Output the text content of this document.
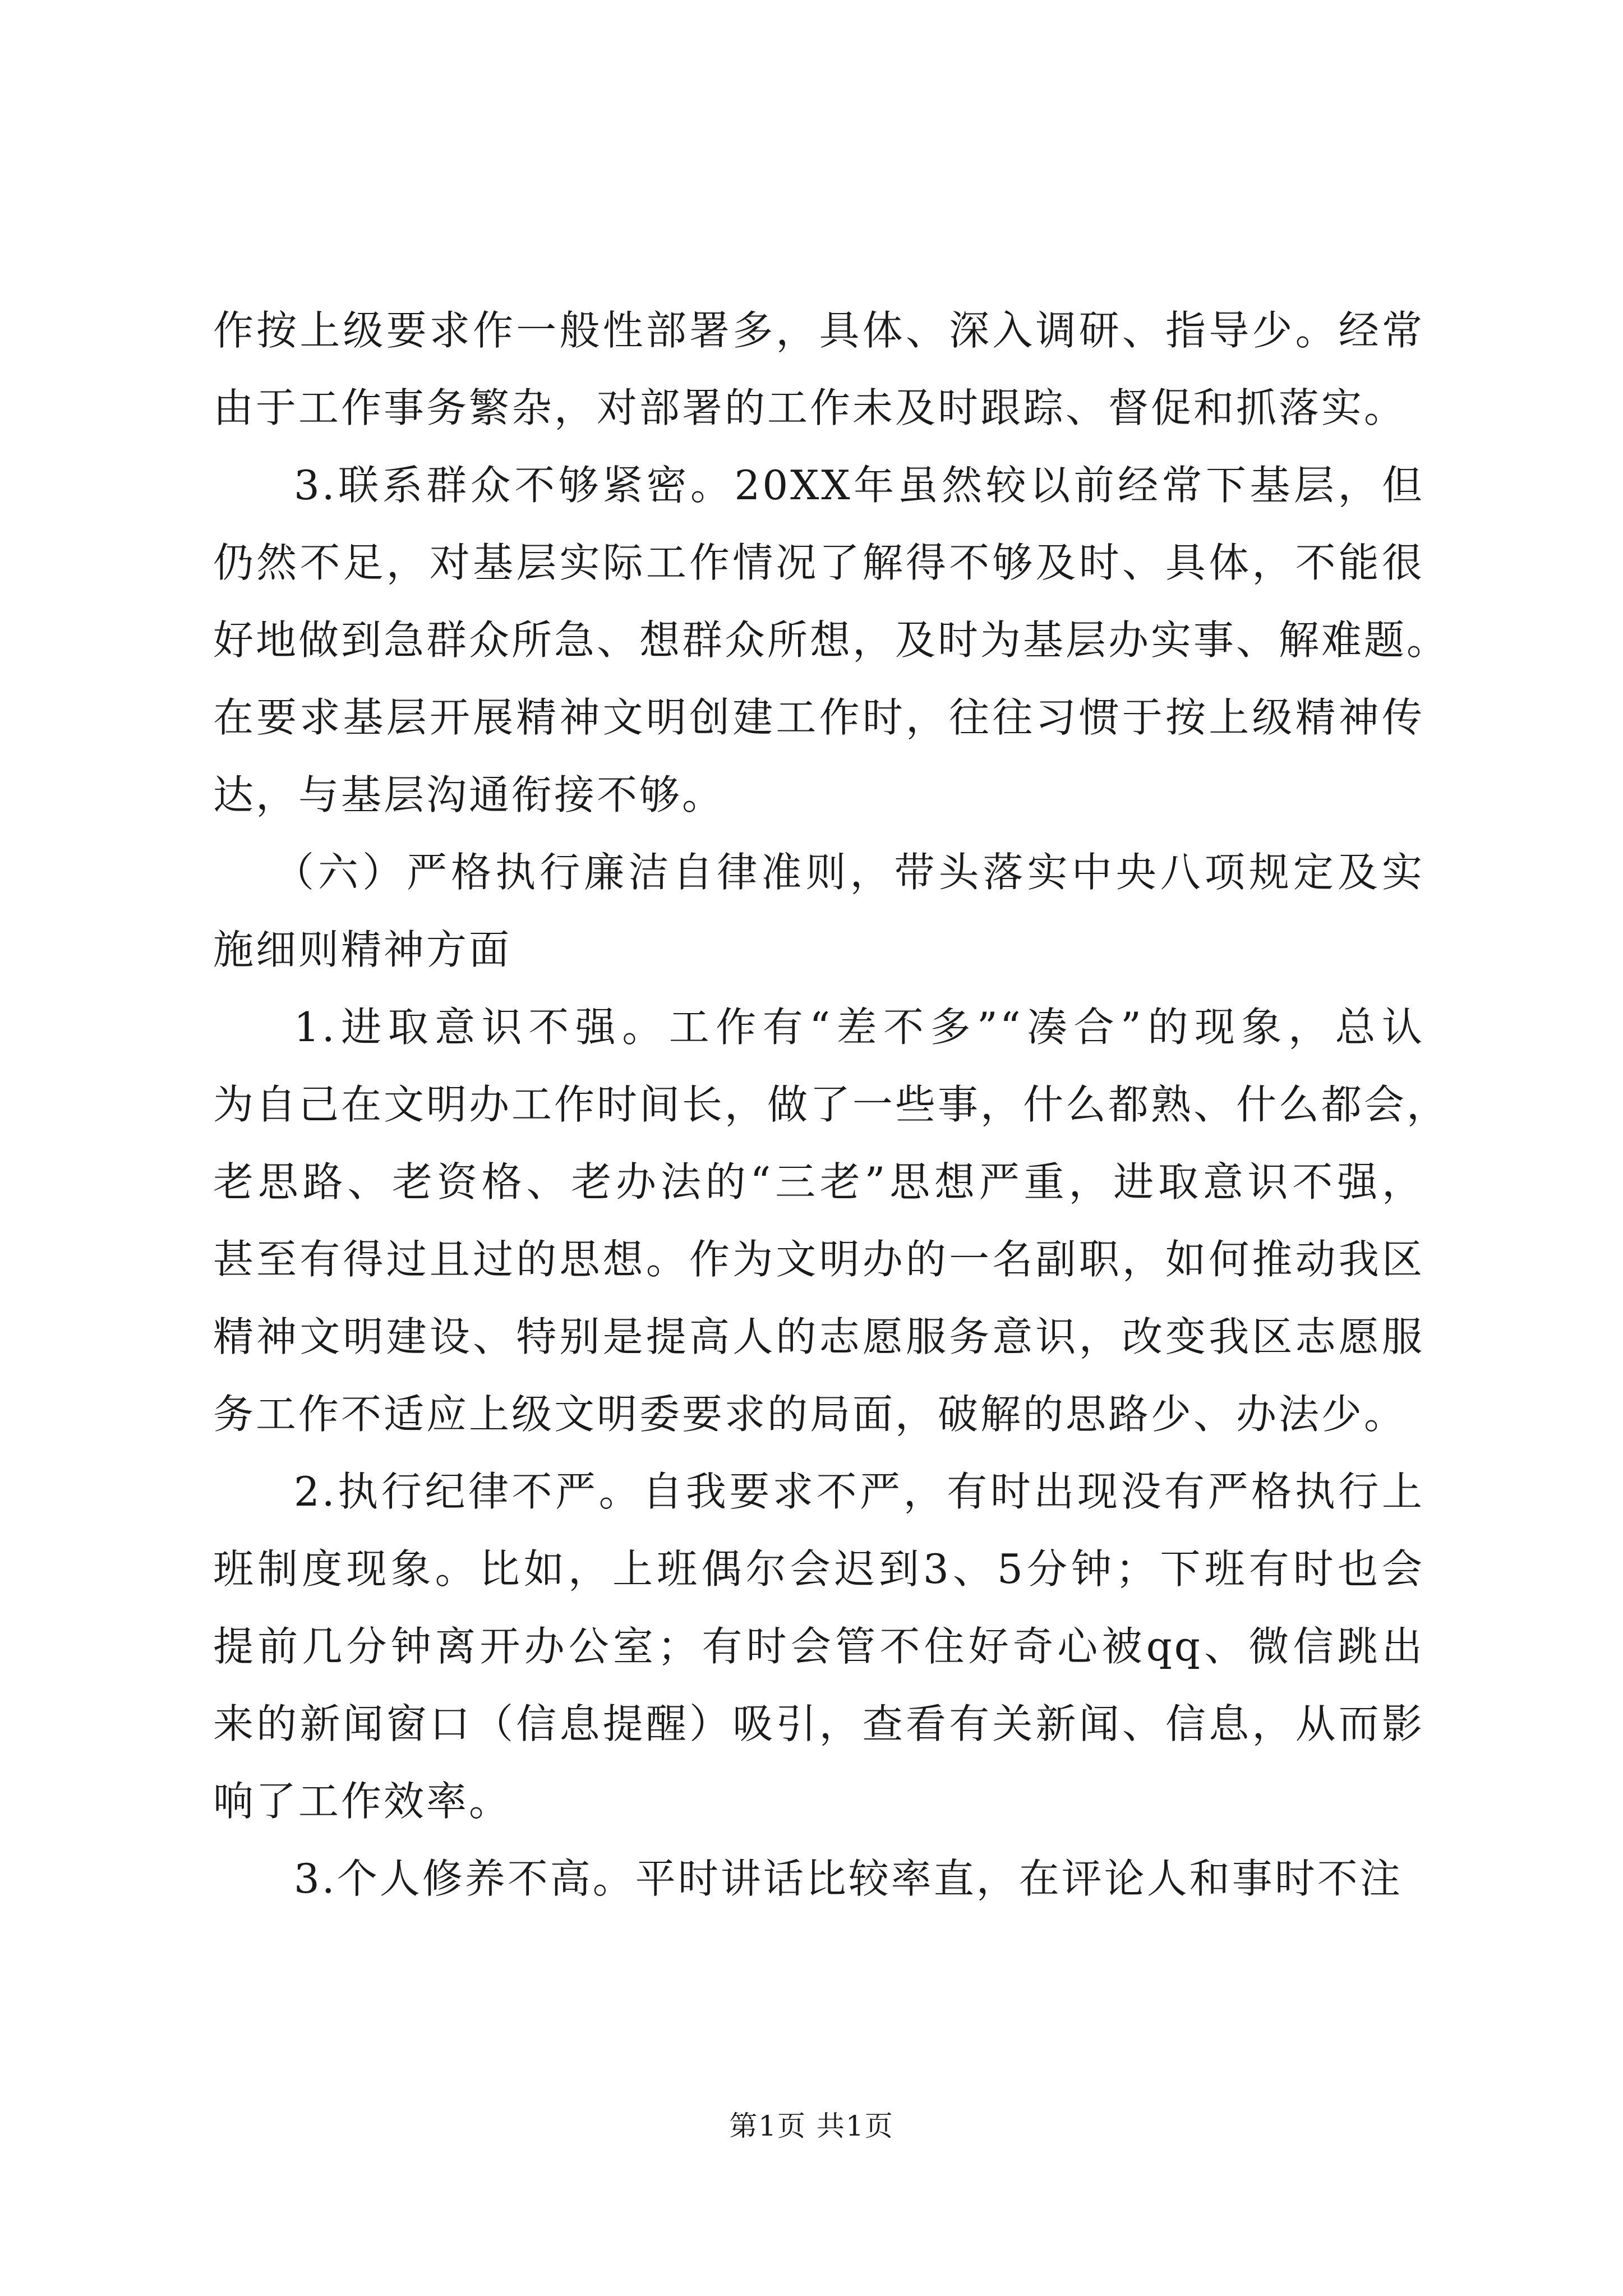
作按上级要求作一般性部署多，具体、深入调研、指导少。经常
由于工作事务繁杂，对部署的工作未及时跟踪、督促和抓落实。
3.联系群众不够紧密。20XX年虽然较以前经常下基层，但
仍然不足，对基层实际工作情况了解得不够及时、具体，不能很
好地做到急群众所急、想群众所想，及时为基层办实事、解难题。
在要求基层开展精神文明创建工作时，往往习惯于按上级精神传
达，与基层沟通衔接不够。
（六）严格执行廉洁自律准则，带头落实中央八项规定及实
施细则精神方面
1.进取意识不强。工作有“差不多”“凑合”的现象，总认
为自己在文明办工作时间长，做了一些事，什么都熟、什么都会，
老思路、老资格、老办法的“三老”思想严重，进取意识不强，
甚至有得过且过的思想。作为文明办的一名副职，如何推动我区
精神文明建设、特别是提高人的志愿服务意识，改变我区志愿服
务工作不适应上级文明委要求的局面，破解的思路少、办法少。
2.执行纪律不严。自我要求不严，有时出现没有严格执行上
班制度现象。比如，上班偶尔会迟到3、5分钟；下班有时也会
提前几分钟离开办公室；有时会管不住好奇心被qq、微信跳出
来的新闻窗口（信息提醒）吸引，查看有关新闻、信息，从而影
响了工作效率。
3.个人修养不高。平时讲话比较率直，在评论人和事时不注
第1页 共1页
